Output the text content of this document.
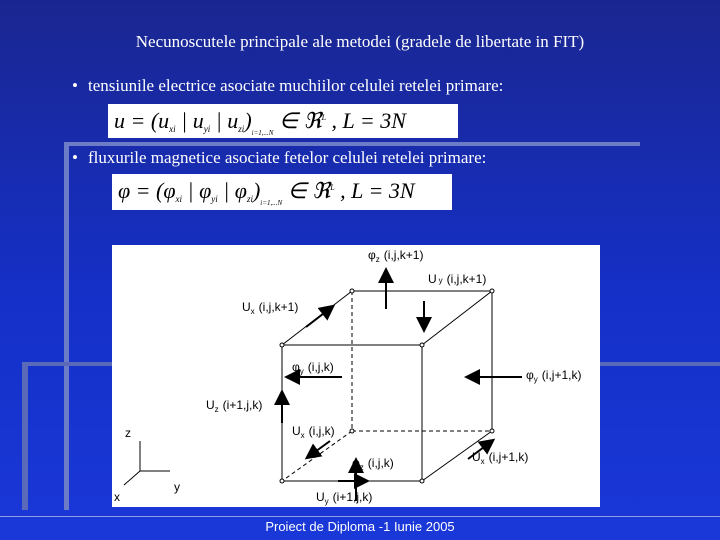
Necunoscutele principale ale metodei (gradele de libertate in FIT)
• tensiunile electrice asociate muchiilor celulei retelei primare:
$u = (u_{xi}$ | $u_{yi}$ | $u_{zi})_{i=1,...N}$ ∈ ℜ$^L$ , L = 3N
• fluxurile magnetice asociate fetelor celulei retelei primare:
$\varphi = (\varphi_{xi}$ | $\varphi_{yi}$ | $\varphi_{zi})_{i=1,...N}$ ∈ ℜ$^L$ , L = 3N
φz (i,j,k+1)
Uy (i,j,k+1)
Ux (i,j,k+1)
φy (i,j,k)
φy (i,j+1,k)
Uz (i+1,j,k)
Ux (i,j,k)
Ux (i,j+1,k)
φz (i,j,k)
Uy (i+1,j,k)
z
y
x
Proiect de Diploma -1 Iunie 2005
